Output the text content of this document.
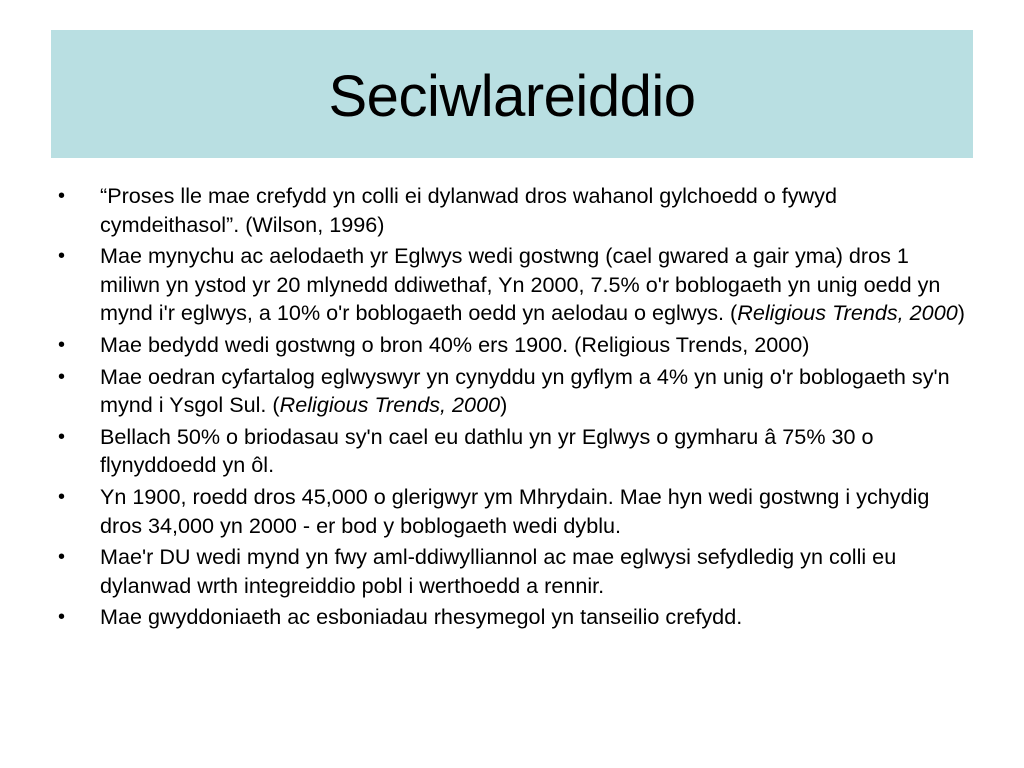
Seciwlareiddio
•	“Proses lle mae crefydd yn colli ei dylanwad dros wahanol gylchoedd o fywyd cymdeithasol”. (Wilson, 1996)
•	Mae mynychu ac aelodaeth yr Eglwys wedi gostwng (cael gwared a gair yma) dros 1 miliwn yn ystod yr 20 mlynedd ddiwethaf, Yn 2000, 7.5% o'r boblogaeth yn unig oedd yn mynd i'r eglwys, a 10% o'r boblogaeth oedd yn aelodau o eglwys. (Religious Trends, 2000)
•	Mae bedydd wedi gostwng o bron 40% ers 1900. (Religious Trends, 2000)
•	Mae oedran cyfartalog eglwyswyr yn cynyddu yn gyflym a 4% yn unig o'r boblogaeth sy'n mynd i Ysgol Sul. (Religious Trends, 2000)
•	Bellach 50% o briodasau sy'n cael eu dathlu yn yr Eglwys o gymharu â 75% 30 o flynyddoedd yn ôl.
•	Yn 1900, roedd dros 45,000 o glerigwyr ym Mhrydain. Mae hyn wedi gostwng i ychydig dros 34,000 yn 2000 - er bod y boblogaeth wedi dyblu.
•	Mae'r DU wedi mynd yn fwy aml-ddiwylliannol ac mae eglwysi sefydledig yn colli eu dylanwad wrth integreiddio pobl i werthoedd a rennir.
•	Mae gwyddoniaeth ac esboniadau rhesymegol yn tanseilio crefydd.
